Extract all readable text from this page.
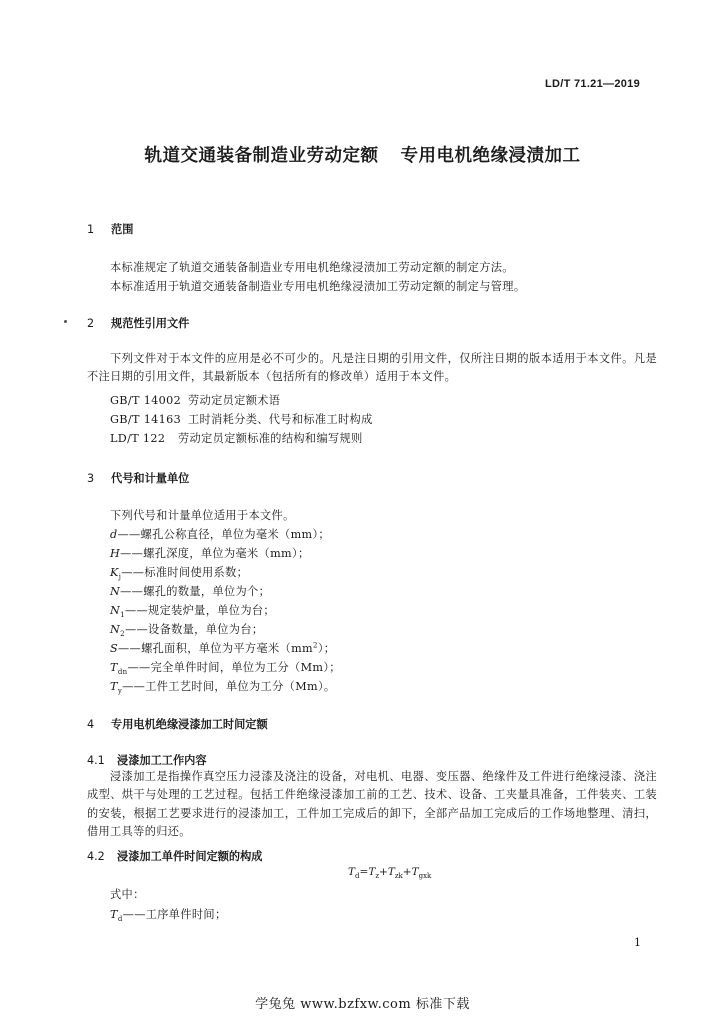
LD/T 71.21—2019
轨道交通装备制造业劳动定额 专用电机绝缘浸渍加工
1 范围
本标准规定了轨道交通装备制造业专用电机绝缘浸渍加工劳动定额的制定方法。
本标准适用于轨道交通装备制造业专用电机绝缘浸渍加工劳动定额的制定与管理。
2 规范性引用文件
下列文件对于本文件的应用是必不可少的。凡是注日期的引用文件，仅所注日期的版本适用于本文件。凡是不注日期的引用文件，其最新版本（包括所有的修改单）适用于本文件。
GB/T 14002 劳动定员定额术语
GB/T 14163 工时消耗分类、代号和标准工时构成
LD/T 122 劳动定员定额标准的结构和编写规则
3 代号和计量单位
下列代号和计量单位适用于本文件。
d——螺孔公称直径，单位为毫米（mm）；
H——螺孔深度，单位为毫米（mm）；
$K_j——$标准时间使用系数；
N——螺孔的数量，单位为个；
$N_1——$规定装炉量，单位为台；
$N_2——$设备数量，单位为台；
S——螺孔面积，单位为平方毫米$(mm^2)$；
$T_{dn}——$完全单件时间，单位为工分（Mm）；
$T_y——$工件工艺时间，单位为工分（Mm）。
4 专用电机绝缘浸漆加工时间定额
4.1 浸漆加工工作内容
浸漆加工是指操作真空压力浸漆及浇注的设备，对电机、电器、变压器、绝缘件及工件进行绝缘浸漆、浇注成型、烘干与处理的工艺过程。包括工件绝缘浸漆加工前的工艺、技术、设备、工夹量具准备，工件装夹、工装的安装，根据工艺要求进行的浸漆加工，工件加工完成后的卸下，全部产品加工完成后的工作场地整理、清扫，借用工具等的归还。
4.2 浸漆加工单件时间定额的构成
$T_d=T_z+T_{zk}+T_{gxk}$
式中：
$T_d——$工序单件时间；
1
学兔兔 www.bzfxw.com 标准下载
